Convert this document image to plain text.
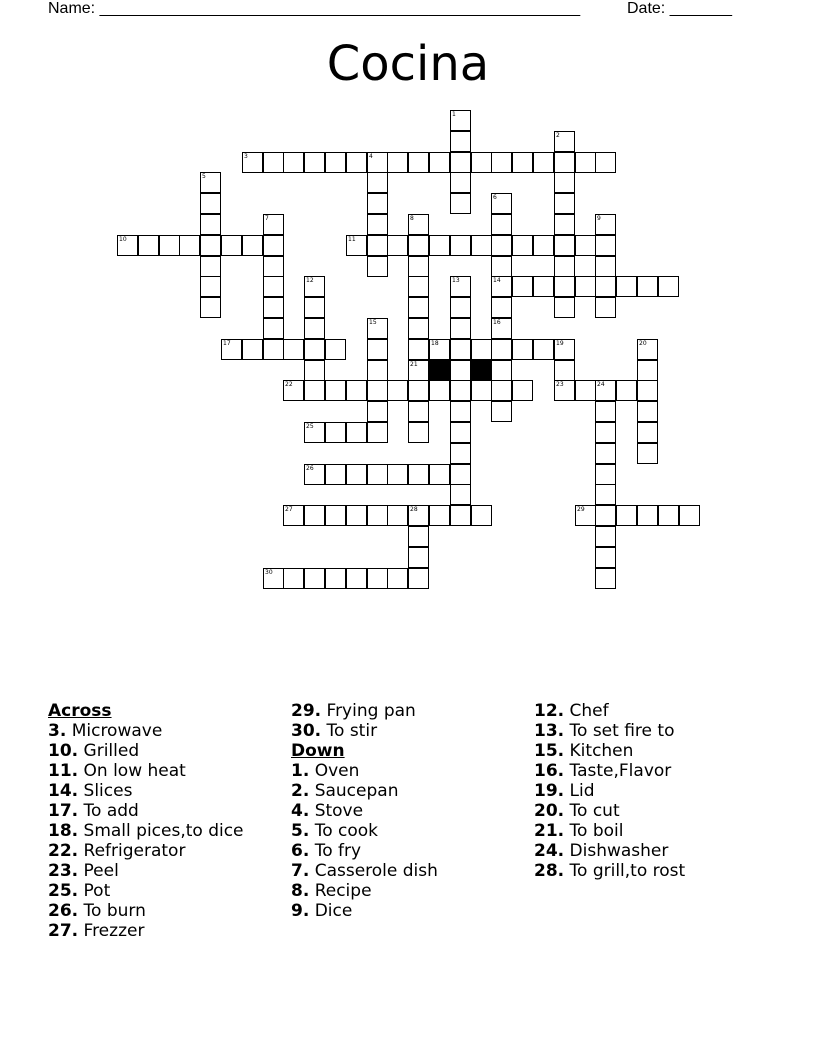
Name: ______________________________________________________	Date: _______
Cocina
1
2
3	4
5
6
7	8	9
10	11
12	13	14
15	16
17	18	19	20
21
22	23	24
25
26
27	28	29
30
Across
3. Microwave
10. Grilled
11. On low heat
14. Slices
17. To add
18. Small pices,to dice
22. Refrigerator
23. Peel
25. Pot
26. To burn
27. Frezzer
29. Frying pan
30. To stir
Down
1. Oven
2. Saucepan
4. Stove
5. To cook
6. To fry
7. Casserole dish
8. Recipe
9. Dice
12. Chef
13. To set fire to
15. Kitchen
16. Taste,Flavor
19. Lid
20. To cut
21. To boil
24. Dishwasher
28. To grill,to rost
